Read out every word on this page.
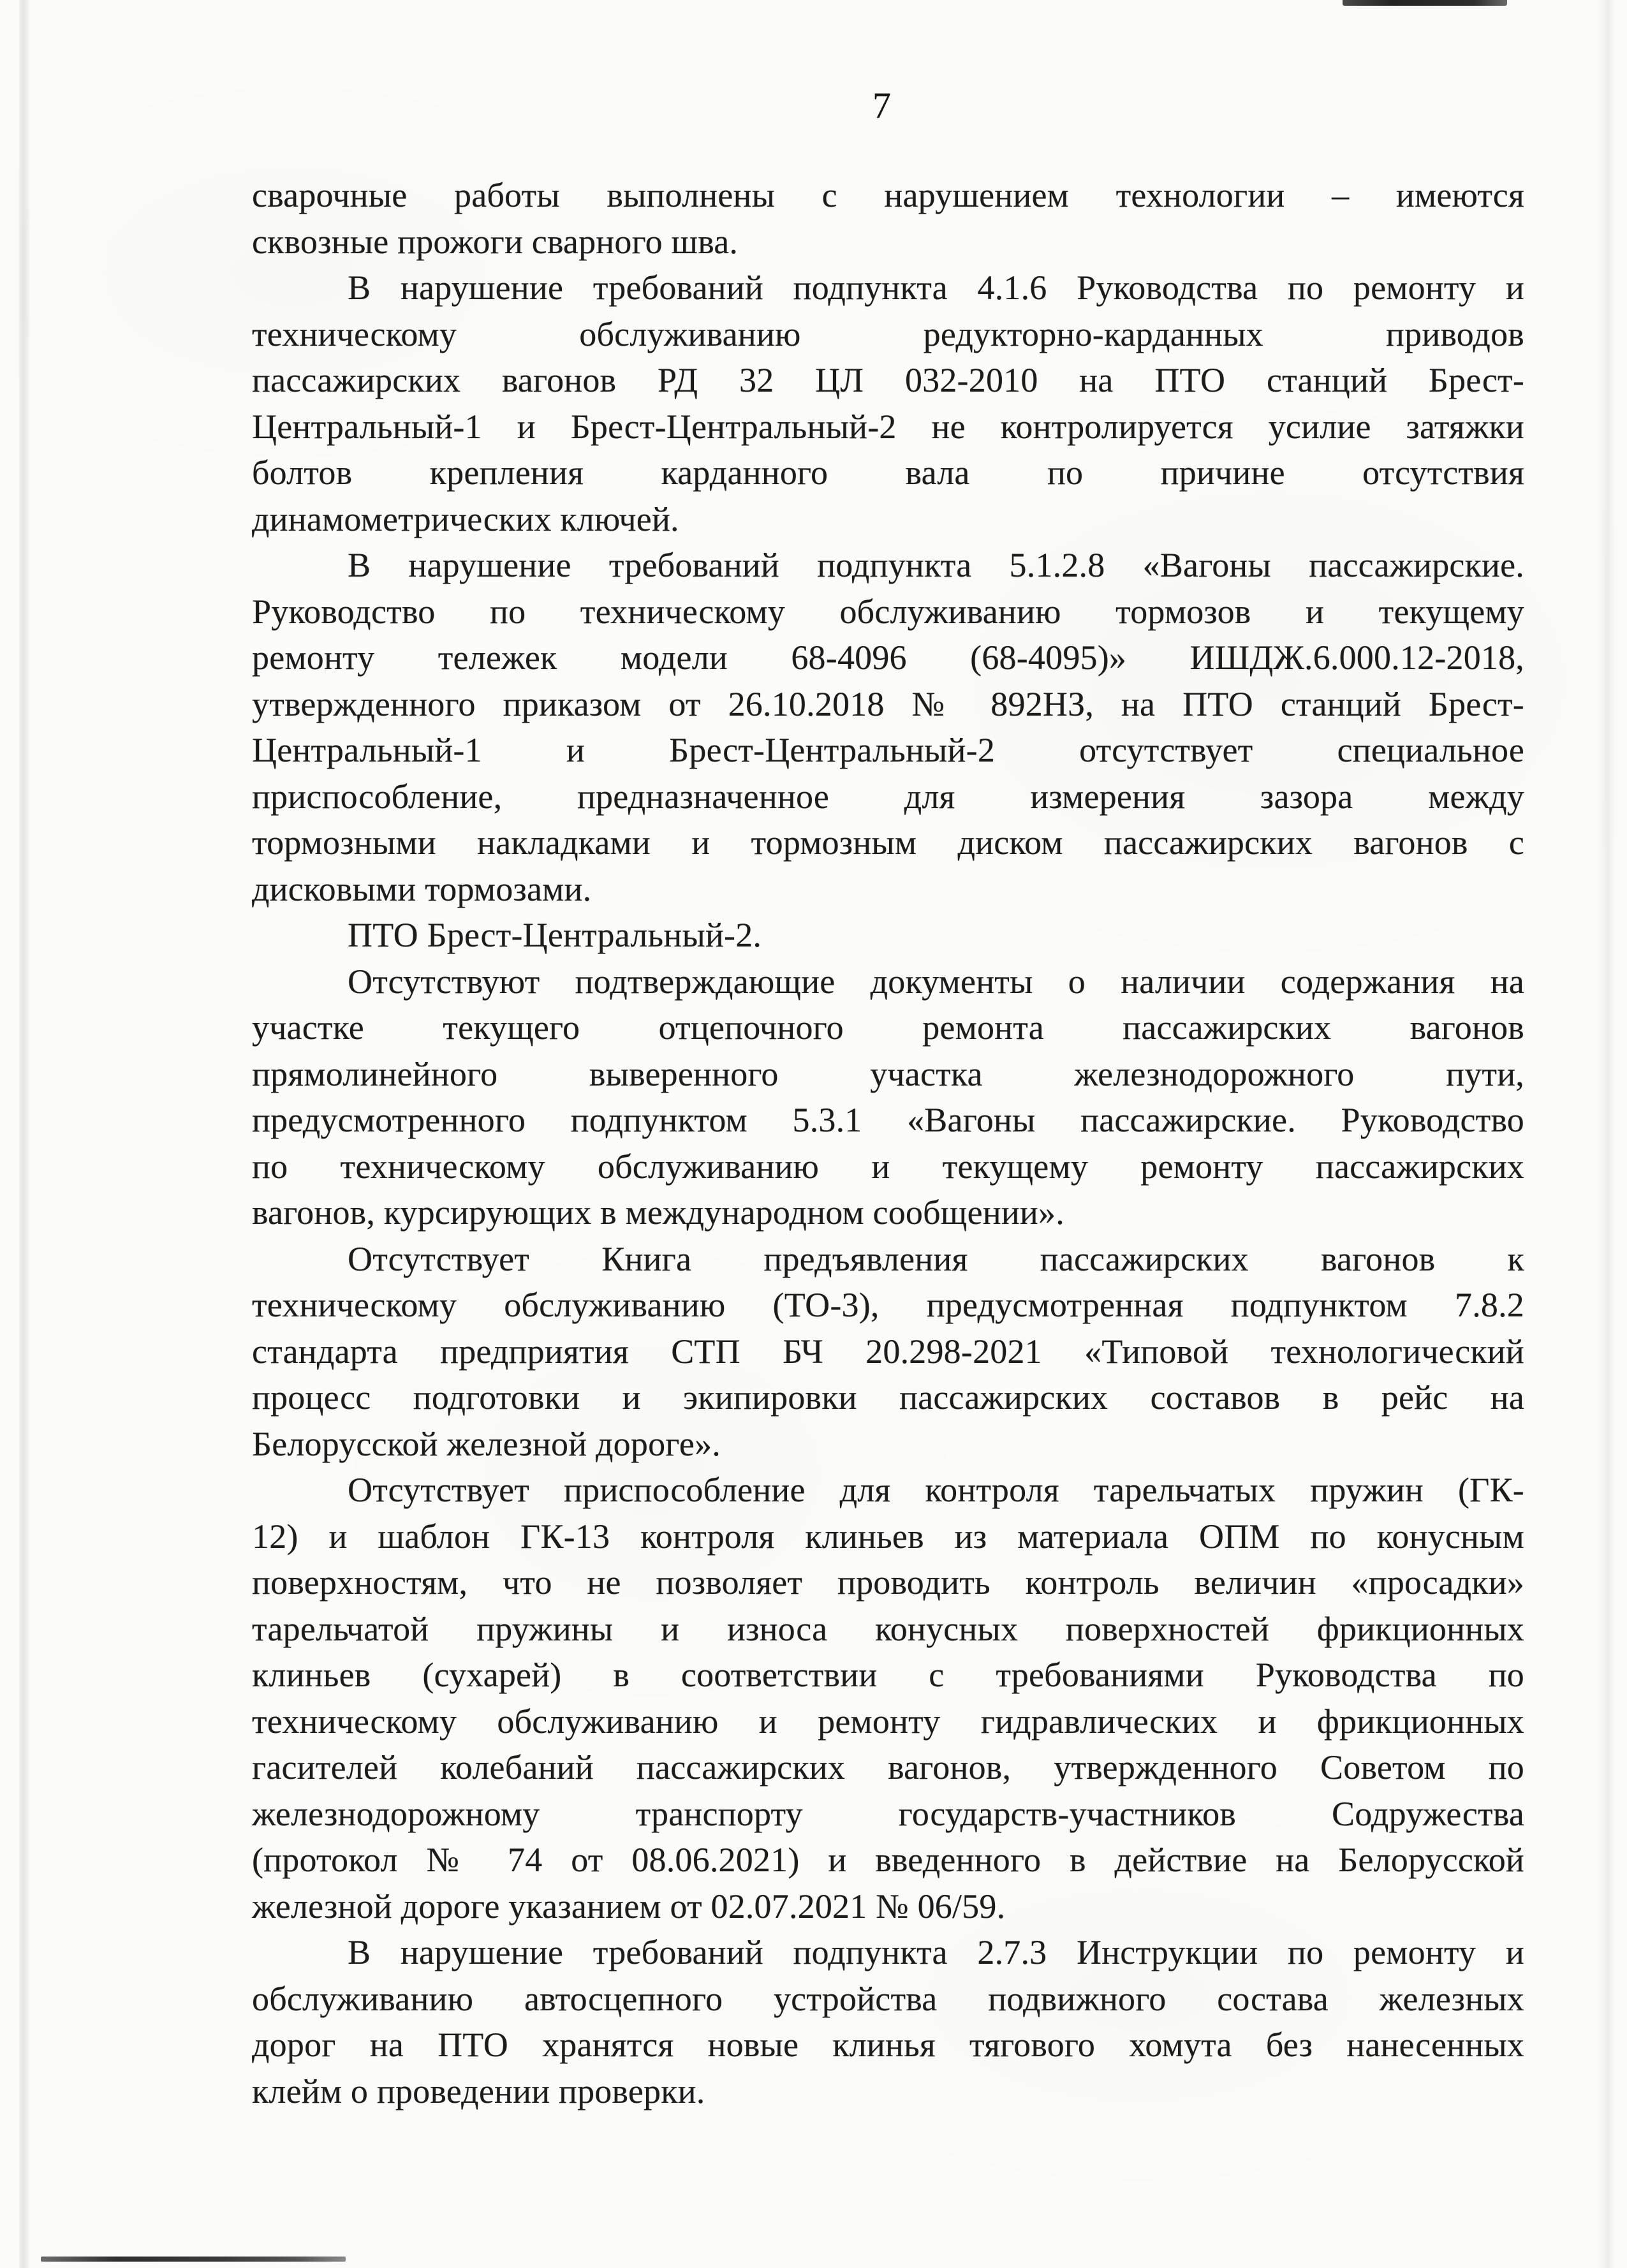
7
сварочные работы выполнены с нарушением технологии – имеются
сквозные прожоги сварного шва.
В нарушение требований подпункта 4.1.6 Руководства по ремонту и
техническому обслуживанию редукторно-карданных приводов
пассажирских вагонов РД 32 ЦЛ 032-2010 на ПТО станций Брест-
Центральный-1 и Брест-Центральный-2 не контролируется усилие затяжки
болтов крепления карданного вала по причине отсутствия
динамометрических ключей.
В нарушение требований подпункта 5.1.2.8 «Вагоны пассажирские.
Руководство по техническому обслуживанию тормозов и текущему
ремонту тележек модели 68-4096 (68-4095)» ИШДЖ.6.000.12-2018,
утвержденного приказом от 26.10.2018 № 892НЗ, на ПТО станций Брест-
Центральный-1 и Брест-Центральный-2 отсутствует специальное
приспособление, предназначенное для измерения зазора между
тормозными накладками и тормозным диском пассажирских вагонов с
дисковыми тормозами.
ПТО Брест-Центральный-2.
Отсутствуют подтверждающие документы о наличии содержания на
участке текущего отцепочного ремонта пассажирских вагонов
прямолинейного выверенного участка железнодорожного пути,
предусмотренного подпунктом 5.3.1 «Вагоны пассажирские. Руководство
по техническому обслуживанию и текущему ремонту пассажирских
вагонов, курсирующих в международном сообщении».
Отсутствует Книга предъявления пассажирских вагонов к
техническому обслуживанию (ТО-3), предусмотренная подпунктом 7.8.2
стандарта предприятия СТП БЧ 20.298-2021 «Типовой технологический
процесс подготовки и экипировки пассажирских составов в рейс на
Белорусской железной дороге».
Отсутствует приспособление для контроля тарельчатых пружин (ГК-
12) и шаблон ГК-13 контроля клиньев из материала ОПМ по конусным
поверхностям, что не позволяет проводить контроль величин «просадки»
тарельчатой пружины и износа конусных поверхностей фрикционных
клиньев (сухарей) в соответствии с требованиями Руководства по
техническому обслуживанию и ремонту гидравлических и фрикционных
гасителей колебаний пассажирских вагонов, утвержденного Советом по
железнодорожному транспорту государств-участников Содружества
(протокол № 74 от 08.06.2021) и введенного в действие на Белорусской
железной дороге указанием от 02.07.2021 № 06/59.
В нарушение требований подпункта 2.7.3 Инструкции по ремонту и
обслуживанию автосцепного устройства подвижного состава железных
дорог на ПТО хранятся новые клинья тягового хомута без нанесенных
клейм о проведении проверки.
